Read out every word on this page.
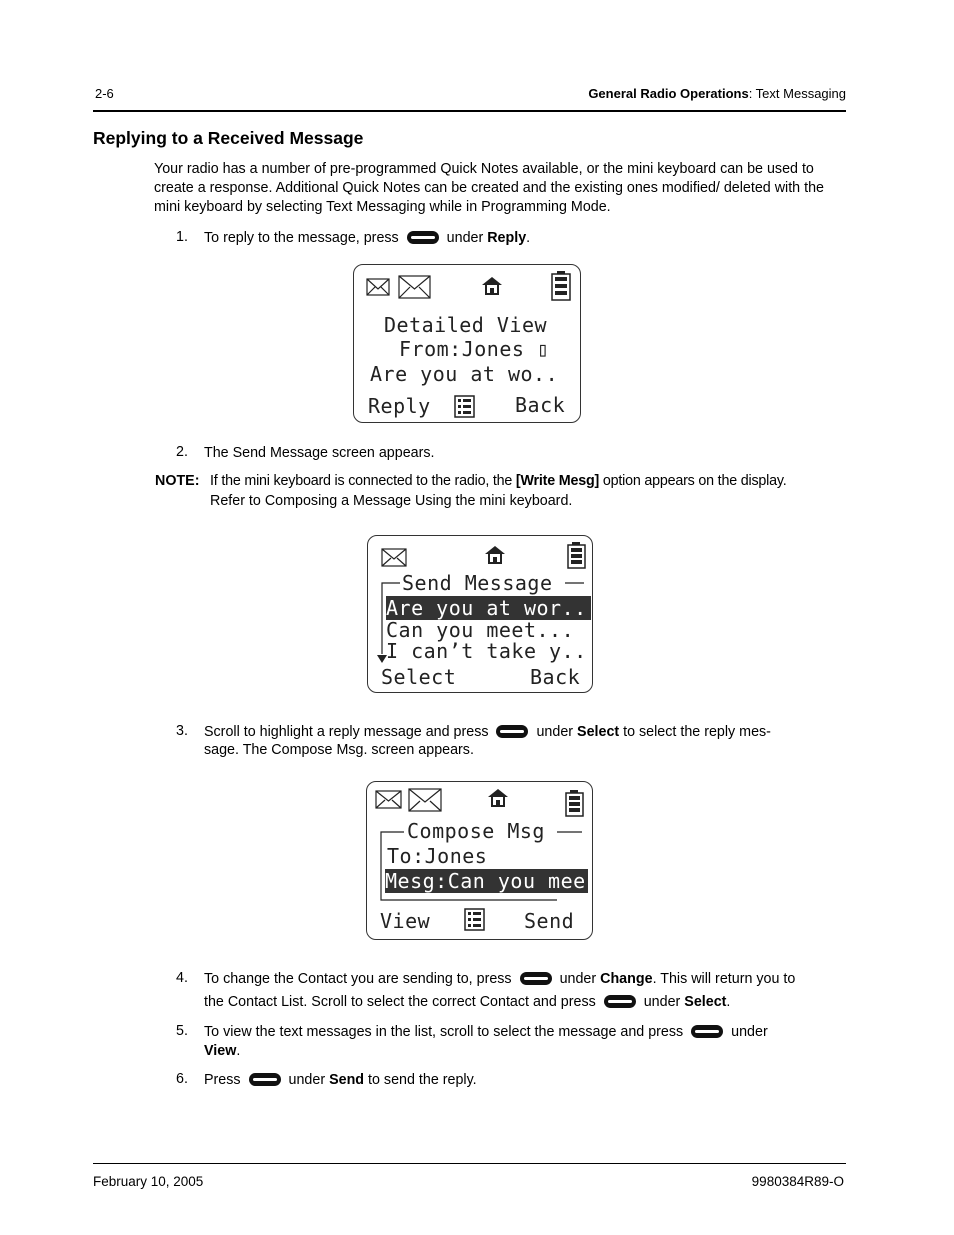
2-6	General Radio Operations: Text Messaging
Replying to a Received Message
Your radio has a number of pre-programmed Quick Notes available, or the mini keyboard can be used to create a response. Additional Quick Notes can be created and the existing ones modified/ deleted with the mini keyboard by selecting Text Messaging while in Programming Mode.
1. To reply to the message, press	under Reply.
Detailed View
From:Jones ▯
Are you at wo..
Reply	Back
2. The Send Message screen appears.
NOTE: If the mini keyboard is connected to the radio, the [Write Mesg] option appears on the display.
Refer to Composing a Message Using the mini keyboard.
Send Message
Are you at wor..
Can you meet...
I can’t take y..
Select	Back
3. Scroll to highlight a reply message and press	under Select to select the reply mes-
sage. The Compose Msg. screen appears.
Compose Msg
To:Jones
Mesg:Can you mee
View	Send
4. To change the Contact you are sending to, press	under Change. This will return you to
the Contact List. Scroll to select the correct Contact and press	under Select.
5. To view the text messages in the list, scroll to select the message and press	under
View.
6. Press	under Send to send the reply.
February 10, 2005	9980384R89-O
